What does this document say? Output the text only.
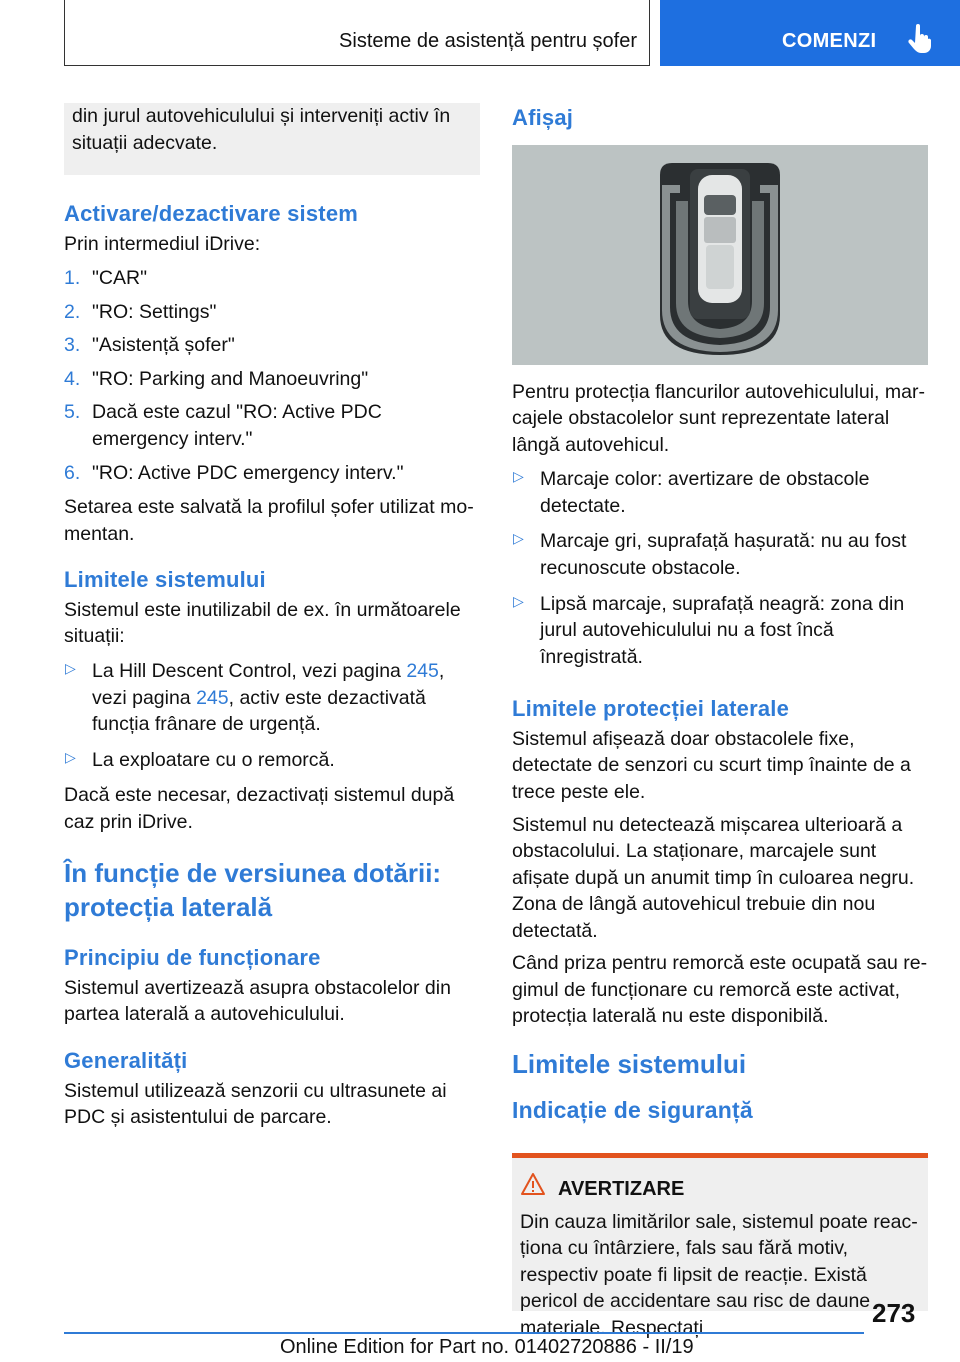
Sisteme de asistență pentru șofer	COMENZI

din jurul autovehiculului și interveniți activ în situații adecvate.

Activare/dezactivare sistem

Prin intermediul iDrive:

1. "CAR"
2. "RO: Settings"
3. "Asistență șofer"
4. "RO: Parking and Manoeuvring"
5. Dacă este cazul "RO: Active PDC emergency interv."
6. "RO: Active PDC emergency interv."

Setarea este salvată la profilul șofer utilizat momentan.

Limitele sistemului

Sistemul este inutilizabil de ex. în următoarele situații:

▷ La Hill Descent Control, vezi pagina 245, vezi pagina 245, activ este dezactivată funcția frânare de urgență.
▷ La exploatare cu o remorcă.

Dacă este necesar, dezactivați sistemul după caz prin iDrive.

În funcție de versiunea dotării: protecția laterală
Principiu de funcționare

Sistemul avertizează asupra obstacolelor din partea laterală a autovehiculului.

Generalități

Sistemul utilizează senzorii cu ultrasunete ai PDC și asistentului de parcare.

Afișaj

Pentru protecția flancurilor autovehiculului, marcajele obstacolelor sunt reprezentate lateral lângă autovehicul.

▷ Marcaje color: avertizare de obstacole detectate.
▷ Marcaje gri, suprafață hașurată: nu au fost recunoscute obstacole.
▷ Lipsă marcaje, suprafață neagră: zona din jurul autovehiculului nu a fost încă înregistrată.
Limitele protecției laterale

Sistemul afișează doar obstacolele fixe, detectate de senzori cu scurt timp înainte de a trece peste ele.

Sistemul nu detectează mișcarea ulterioară a obstacolului. La staționare, marcajele sunt afișate după un anumit timp în culoarea negru. Zona de lângă autovehicul trebuie din nou detectată.

Când priza pentru remorcă este ocupată sau regimul de funcționare cu remorcă este activat, protecția laterală nu este disponibilă.

Limitele sistemului
Indicație de siguranță
AVERTIZARE

Din cauza limitărilor sale, sistemul poate reacționa cu întârziere, fals sau fără motiv, respectiv poate fi lipsit de reacție. Există pericol de accidentare sau risc de daune materiale. Respectați	273
Online Edition for Part no. 01402720886 - II/19
